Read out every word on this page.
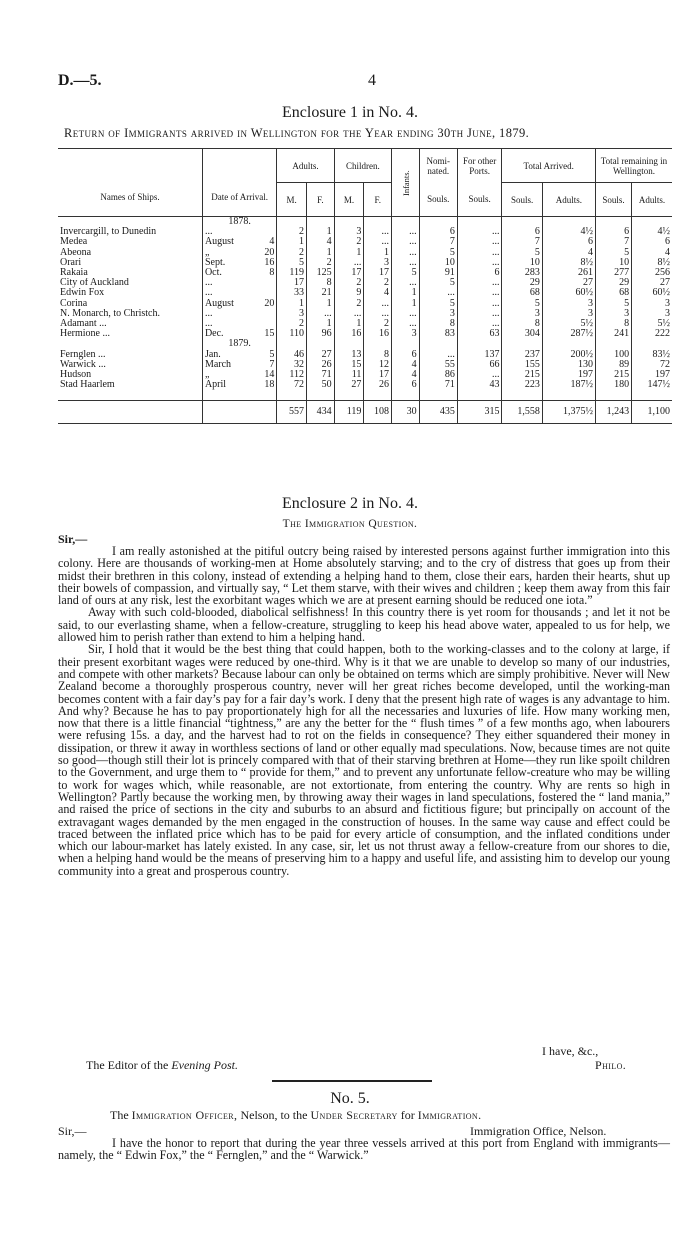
D.—5.	4
Enclosure 1 in No. 4.
Return of Immigrants arrived in Wellington for the Year ending 30th June, 1879.
Names of Ships.	Date of Arrival.		Adults.		Children.		Infants.	Nomi-nated.	For other Ports.	Total Arrived.		Total remaining in Wellington.	
			M.	F.	M.	F.		Souls.	Souls.	Souls.	Adults.	Souls.	Adults.
	1878.												
Invercargill, to Dunedin	...		2	1	3	...	...	6	...	6	4½	6	4½
Medea	August	4	1	4	2	...	...	7	...	7	6	7	6
Abeona	„	20	2	1	1	1	...	5	...	5	4	5	4
Orari	Sept.	16	5	2	...	3	...	10	...	10	8½	10	8½
Rakaia	Oct.	8	119	125	17	17	5	91	6	283	261	277	256
City of Auckland	...		17	8	2	2	...	5	...	29	27	29	27
Edwin Fox	...		33	21	9	4	1	...	...	68	60½	68	60½
Corina	August	20	1	1	2	...	1	5	...	5	3	5	3
N. Monarch, to Christch.	...		3	...	...	...	...	3	...	3	3	3	3
Adamant ...	...		2	1	1	2	...	8	...	8	5½	8	5½
Hermione ...	Dec.	15	110	96	16	16	3	83	63	304	287½	241	222
	1879.												
Fernglen ...	Jan.	5	46	27	13	8	6	...	137	237	200½	100	83½
Warwick ...	March	7	32	26	15	12	4	55	66	155	130	89	72
Hudson	„	14	112	71	11	17	4	86	...	215	197	215	197
Stad Haarlem	April	18	72	50	27	26	6	71	43	223	187½	180	147½

			557	434	119	108	30	435	315	1,558	1,375½	1,243	1,100
Enclosure 2 in No. 4.
The Immigration Question.
Sir,—

I am really astonished at the pitiful outcry being raised by interested persons against further immigration into this colony. Here are thousands of working-men at Home absolutely starving; and to the cry of distress that goes up from their midst their brethren in this colony, instead of extending a helping hand to them, close their ears, harden their hearts, shut up their bowels of compassion, and virtually say, “ Let them starve, with their wives and children ; keep them away from this fair land of ours at any risk, lest the exorbitant wages which we are at present earning should be reduced one iota.”

Away with such cold-blooded, diabolical selfishness! In this country there is yet room for thousands ; and let it not be said, to our everlasting shame, when a fellow-creature, struggling to keep his head above water, appealed to us for help, we allowed him to perish rather than extend to him a helping hand.

Sir, I hold that it would be the best thing that could happen, both to the working-classes and to the colony at large, if their present exorbitant wages were reduced by one-third. Why is it that we are unable to develop so many of our industries, and compete with other markets? Because labour can only be obtained on terms which are simply prohibitive. Never will New Zealand become a thoroughly prosperous country, never will her great riches become developed, until the working-man becomes content with a fair day’s pay for a fair day’s work. I deny that the present high rate of wages is any advantage to him. And why? Because he has to pay proportionately high for all the necessaries and luxuries of life. How many working men, now that there is a little financial “tightness,” are any the better for the “ flush times ” of a few months ago, when labourers were refusing 15s. a day, and the harvest had to rot on the fields in consequence? They either squandered their money in dissipation, or threw it away in worthless sections of land or other equally mad speculations. Now, because times are not quite so good—though still their lot is princely compared with that of their starving brethren at Home—they run like spoilt children to the Government, and urge them to “ provide for them,” and to prevent any unfortunate fellow-creature who may be willing to work for wages which, while reasonable, are not extortionate, from entering the country. Why are rents so high in Wellington? Partly because the working men, by throwing away their wages in land speculations, fostered the “ land mania,” and raised the price of sections in the city and suburbs to an absurd and fictitious figure; but principally on account of the extravagant wages demanded by the men engaged in the construction of houses. In the same way cause and effect could be traced between the inflated price which has to be paid for every article of consumption, and the inflated conditions under which our labour-market has lately existed. In any case, sir, let us not thrust away a fellow-creature from our shores to die, when a helping hand would be the means of preserving him to a happy and useful life, and assisting him to develop our young community into a great and prosperous country.

I have, &c.,
The Editor of the Evening Post.	Philo.
No. 5.
The Immigration Officer, Nelson, to the Under Secretary for Immigration.
Sir,—	Immigration Office, Nelson.

I have the honor to report that during the year three vessels arrived at this port from England with immigrants—namely, the “ Edwin Fox,” the “ Fernglen,” and the “ Warwick.”
